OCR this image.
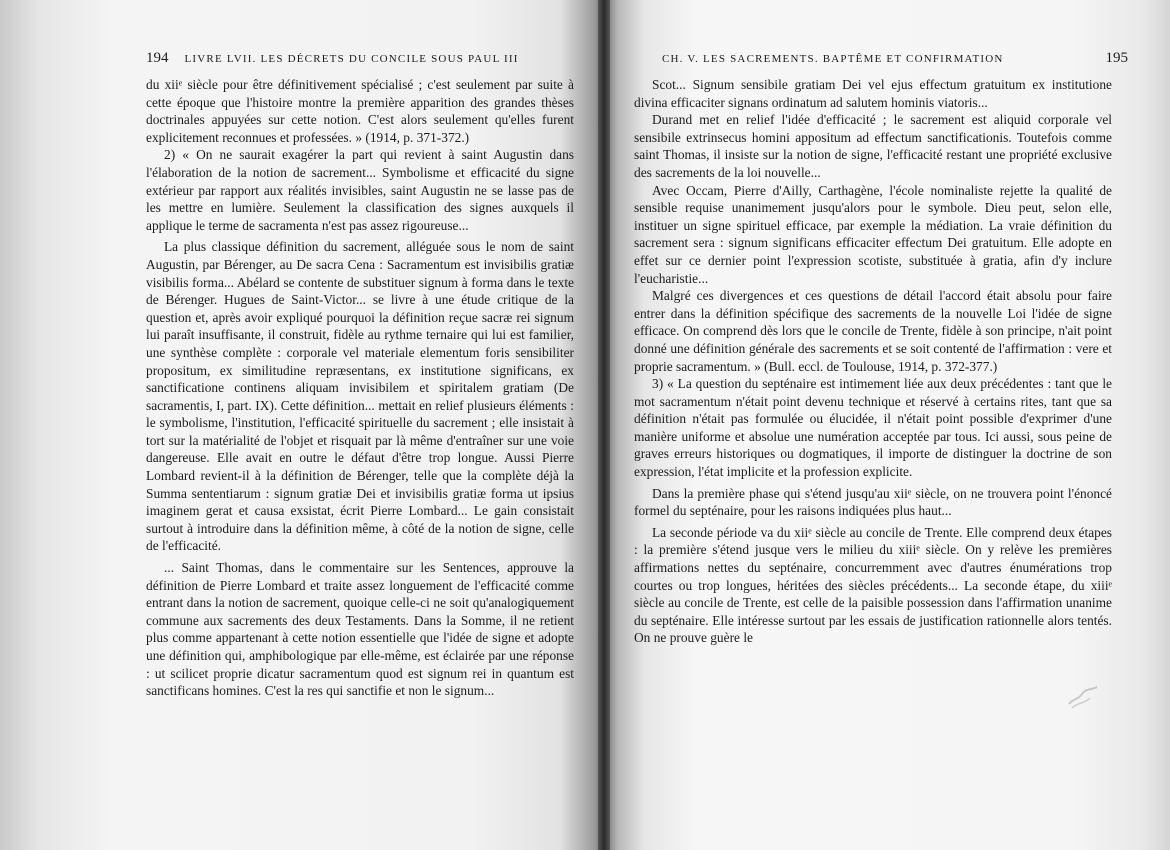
194 LIVRE LVII. LES DÉCRETS DU CONCILE SOUS PAUL III

du xiiᵉ siècle pour être définitivement spécialisé ; c'est seulement par suite à cette époque que l'histoire montre la première apparition des grandes thèses doctrinales appuyées sur cette notion. C'est alors seulement qu'elles furent explicitement reconnues et professées. » (1914, p. 371-372.)

2) « On ne saurait exagérer la part qui revient à saint Augustin dans l'élaboration de la notion de sacrement... Symbolisme et efficacité du signe extérieur par rapport aux réalités invisibles, saint Augustin ne se lasse pas de les mettre en lumière. Seulement la classification des signes auxquels il applique le terme de sacramenta n'est pas assez rigoureuse...

La plus classique définition du sacrement, alléguée sous le nom de saint Augustin, par Bérenger, au De sacra Cena : Sacramentum est invisibilis gratiæ visibilis forma... Abélard se contente de substituer signum à forma dans le texte de Bérenger. Hugues de Saint-Victor... se livre à une étude critique de la question et, après avoir expliqué pourquoi la définition reçue sacræ rei signum lui paraît insuffisante, il construit, fidèle au rythme ternaire qui lui est familier, une synthèse complète : corporale vel materiale elementum foris sensibiliter propositum, ex similitudine repræsentans, ex institutione significans, ex sanctificatione continens aliquam invisibilem et spiritalem gratiam (De sacramentis, I, part. IX). Cette définition... mettait en relief plusieurs éléments : le symbolisme, l'institution, l'efficacité spirituelle du sacrement ; elle insistait à tort sur la matérialité de l'objet et risquait par là même d'entraîner sur une voie dangereuse. Elle avait en outre le défaut d'être trop longue. Aussi Pierre Lombard revient-il à la définition de Bérenger, telle que la complète déjà la Summa sententiarum : signum gratiæ Dei et invisibilis gratiæ forma ut ipsius imaginem gerat et causa exsistat, écrit Pierre Lombard... Le gain consistait surtout à introduire dans la définition même, à côté de la notion de signe, celle de l'efficacité.

... Saint Thomas, dans le commentaire sur les Sentences, approuve la définition de Pierre Lombard et traite assez longuement de l'efficacité comme entrant dans la notion de sacrement, quoique celle-ci ne soit qu'analogiquement commune aux sacrements des deux Testaments. Dans la Somme, il ne retient plus comme appartenant à cette notion essentielle que l'idée de signe et adopte une définition qui, amphibologique par elle-même, est éclairée par une réponse : ut scilicet proprie dicatur sacramentum quod est signum rei in quantum est sanctificans homines. C'est la res qui sanctifie et non le signum...

CH. V. LES SACREMENTS. BAPTÊME ET CONFIRMATION	195

Scot... Signum sensibile gratiam Dei vel ejus effectum gratuitum ex institutione divina efficaciter signans ordinatum ad salutem hominis viatoris...

Durand met en relief l'idée d'efficacité ; le sacrement est aliquid corporale vel sensibile extrinsecus homini appositum ad effectum sanctificationis. Toutefois comme saint Thomas, il insiste sur la notion de signe, l'efficacité restant une propriété exclusive des sacrements de la loi nouvelle...

Avec Occam, Pierre d'Ailly, Carthagène, l'école nominaliste rejette la qualité de sensible requise unanimement jusqu'alors pour le symbole. Dieu peut, selon elle, instituer un signe spirituel efficace, par exemple la médiation. La vraie définition du sacrement sera : signum significans efficaciter effectum Dei gratuitum. Elle adopte en effet sur ce dernier point l'expression scotiste, substituée à gratia, afin d'y inclure l'eucharistie...

Malgré ces divergences et ces questions de détail l'accord était absolu pour faire entrer dans la définition spécifique des sacrements de la nouvelle Loi l'idée de signe efficace. On comprend dès lors que le concile de Trente, fidèle à son principe, n'ait point donné une définition générale des sacrements et se soit contenté de l'affirmation : vere et proprie sacramentum. » (Bull. eccl. de Toulouse, 1914, p. 372-377.)

3) « La question du septénaire est intimement liée aux deux précédentes : tant que le mot sacramentum n'était point devenu technique et réservé à certains rites, tant que sa définition n'était pas formulée ou élucidée, il n'était point possible d'exprimer d'une manière uniforme et absolue une numération acceptée par tous. Ici aussi, sous peine de graves erreurs historiques ou dogmatiques, il importe de distinguer la doctrine de son expression, l'état implicite et la profession explicite.

Dans la première phase qui s'étend jusqu'au xiiᵉ siècle, on ne trouvera point l'énoncé formel du septénaire, pour les raisons indiquées plus haut...

La seconde période va du xiiᵉ siècle au concile de Trente. Elle comprend deux étapes : la première s'étend jusque vers le milieu du xiiiᵉ siècle. On y relève les premières affirmations nettes du septénaire, concurremment avec d'autres énumérations trop courtes ou trop longues, héritées des siècles précédents... La seconde étape, du xiiiᵉ siècle au concile de Trente, est celle de la paisible possession dans l'affirmation unanime du septénaire. Elle intéresse surtout par les essais de justification rationnelle alors tentés. On ne prouve guère le
